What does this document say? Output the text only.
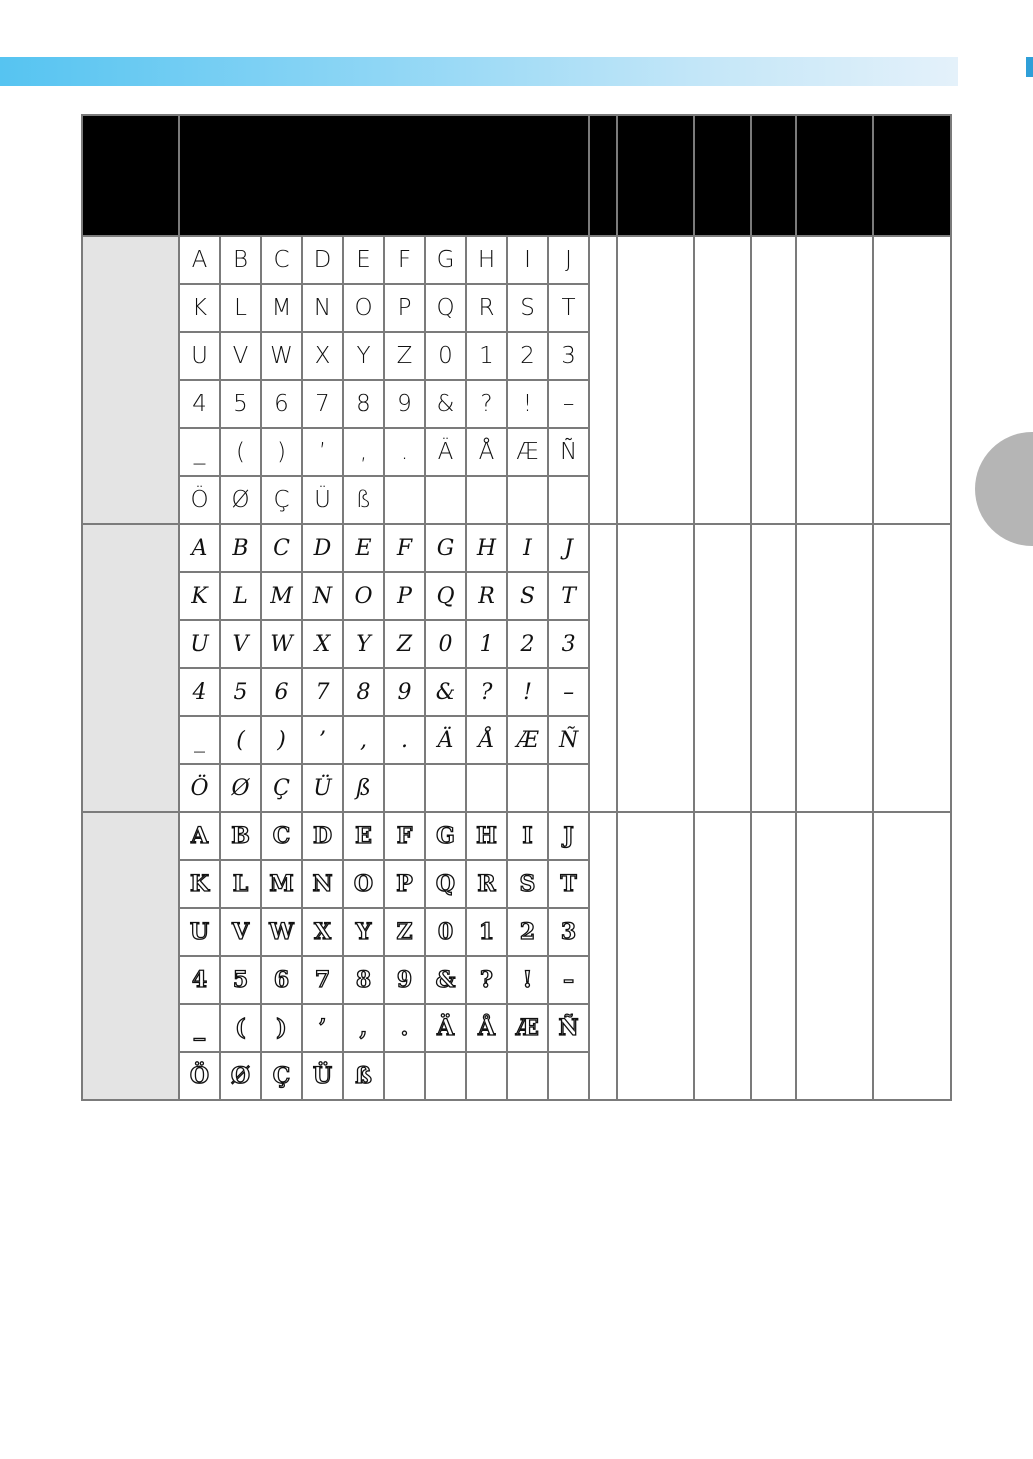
	A	B	C	D	E	F	G	H	I	J						
	K	L	M	N	O	P	Q	R	S	T						
	U	V	W	X	Y	Z	0	1	2	3						
	4	5	6	7	8	9	&	?	!	–						
	_	(	)	’	,	.	Ä	Å	Æ	Ñ						
	Ö	Ø	Ç	Ü	ß											
	A	B	C	D	E	F	G	H	I	J						
	K	L	M	N	O	P	Q	R	S	T						
	U	V	W	X	Y	Z	0	1	2	3						
	4	5	6	7	8	9	&	?	!	–						
	_	(	)	’	,	.	Ä	Å	Æ	Ñ						
	Ö	Ø	Ç	Ü	ß											
	A	B	C	D	E	F	G	H	I	J						
	K	L	M	N	O	P	Q	R	S	T						
	U	V	W	X	Y	Z	0	1	2	3						
	4	5	6	7	8	9	&	?	!	–						
	_	(	)	’	,	.	Ä	Å	Æ	Ñ						
	Ö	Ø	Ç	Ü	ß											
